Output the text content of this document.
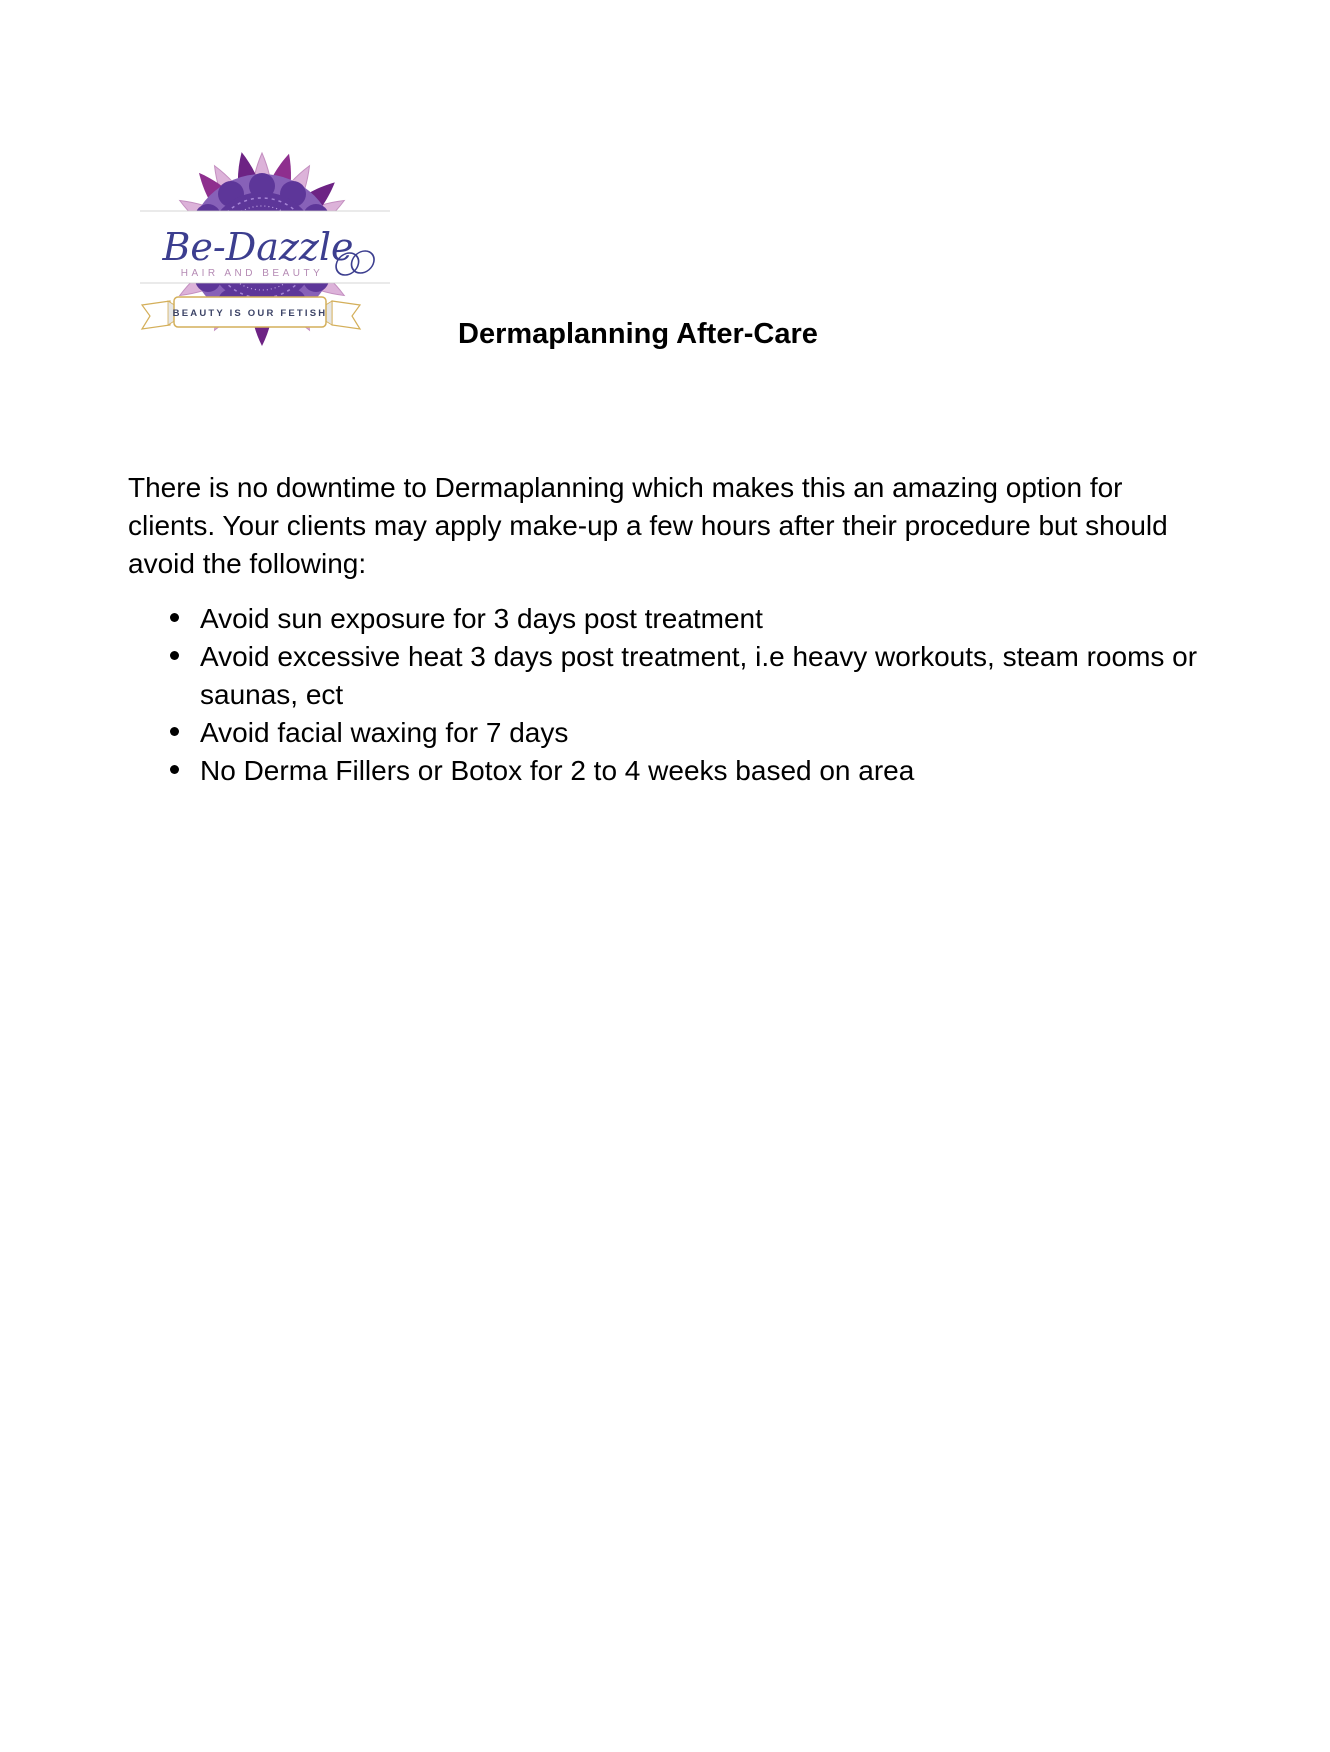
Be-Dazzle
HAIR AND BEAUTY
BEAUTY IS OUR FETISH
Dermaplanning After-Care

There is no downtime to Dermaplanning which makes this an amazing option for clients. Your clients may apply make-up a few hours after their procedure but should avoid the following:

Avoid sun exposure for 3 days post treatment
Avoid excessive heat 3 days post treatment, i.e heavy workouts, steam rooms or saunas, ect
Avoid facial waxing for 7 days
No Derma Fillers or Botox for 2 to 4 weeks based on area
